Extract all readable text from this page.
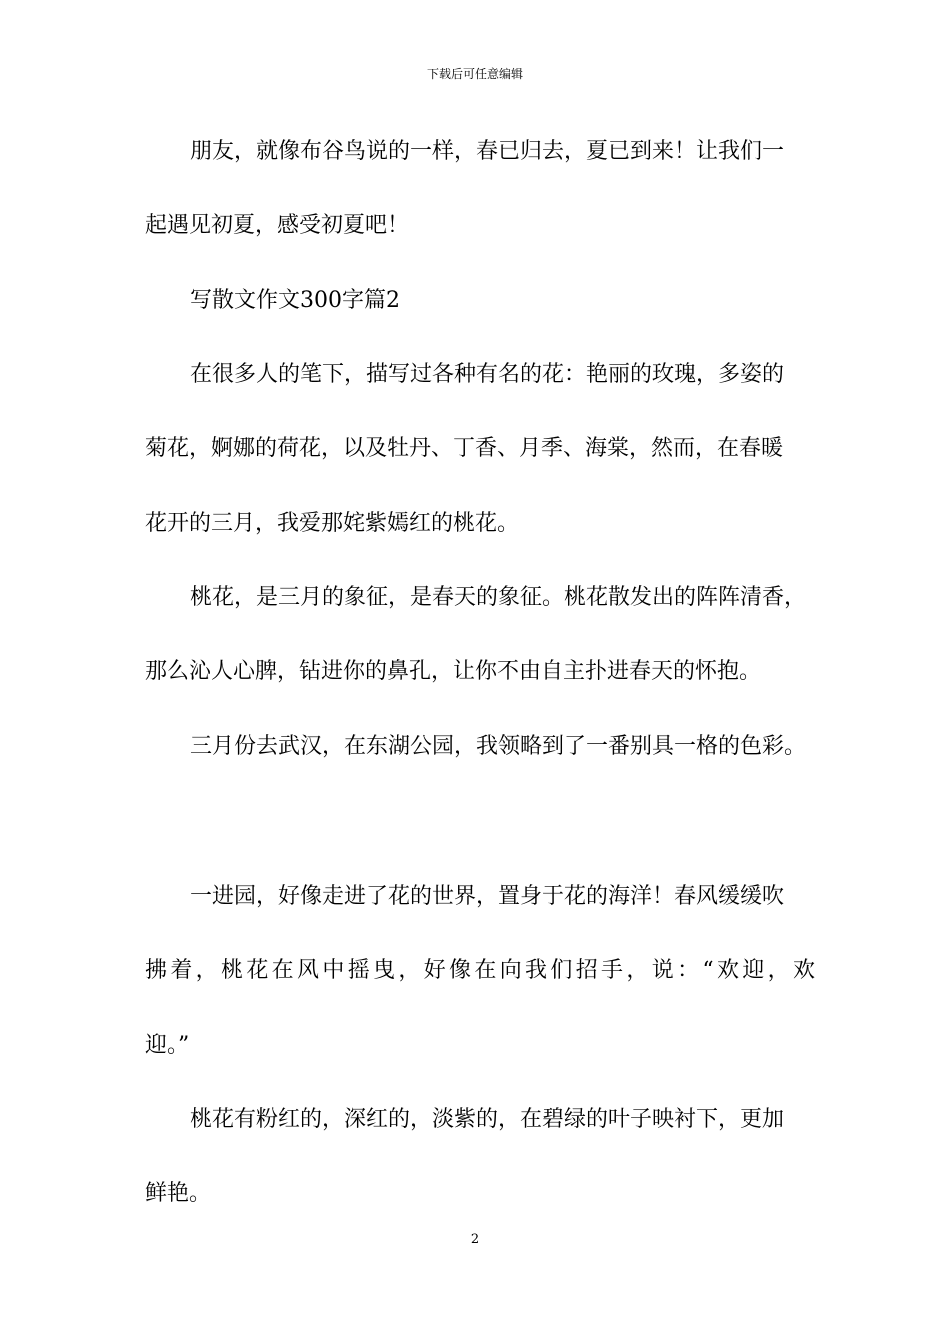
下载后可任意编辑
朋友，就像布谷鸟说的一样，春已归去，夏已到来！让我们一
起遇见初夏，感受初夏吧！
写散文作文300字篇2
在很多人的笔下，描写过各种有名的花：艳丽的玫瑰，多姿的
菊花，婀娜的荷花，以及牡丹、丁香、月季、海棠，然而，在春暖
花开的三月，我爱那姹紫嫣红的桃花。
桃花，是三月的象征，是春天的象征。桃花散发出的阵阵清香，
那么沁人心脾，钻进你的鼻孔，让你不由自主扑进春天的怀抱。
三月份去武汉，在东湖公园，我领略到了一番别具一格的色彩。
一进园，好像走进了花的世界，置身于花的海洋！春风缓缓吹
拂着，桃花在风中摇曳，好像在向我们招手，说：“欢迎，欢
迎。”
桃花有粉红的，深红的，淡紫的，在碧绿的叶子映衬下，更加
鲜艳。
2
